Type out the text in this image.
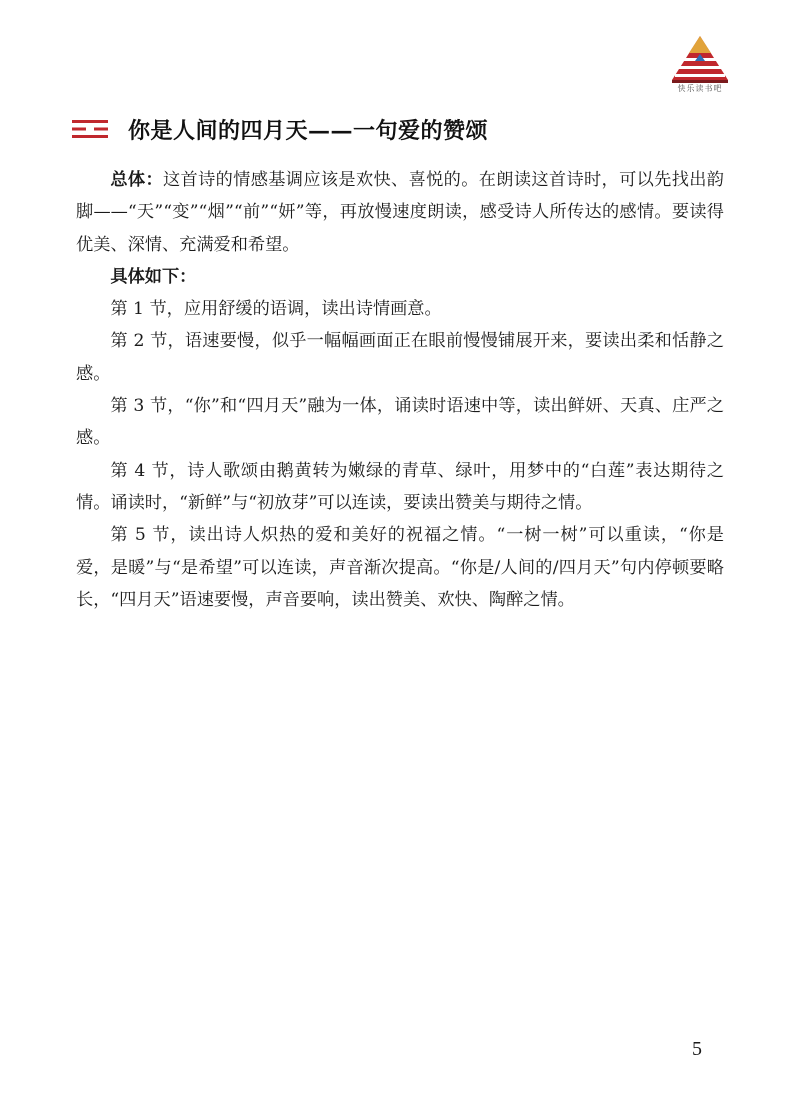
快乐读书吧
你是人间的四月天——一句爱的赞颂

总体：这首诗的情感基调应该是欢快、喜悦的。在朗读这首诗时，可以先找出韵脚——“天”“变”“烟”“前”“妍”等，再放慢速度朗读，感受诗人所传达的感情。要读得优美、深情、充满爱和希望。

具体如下：

第 1 节，应用舒缓的语调，读出诗情画意。

第 2 节，语速要慢，似乎一幅幅画面正在眼前慢慢铺展开来，要读出柔和恬静之感。

第 3 节，“你”和“四月天”融为一体，诵读时语速中等，读出鲜妍、天真、庄严之感。

第 4 节，诗人歌颂由鹅黄转为嫩绿的青草、绿叶，用梦中的“白莲”表达期待之情。诵读时，“新鲜”与“初放芽”可以连读，要读出赞美与期待之情。

第 5 节，读出诗人炽热的爱和美好的祝福之情。“一树一树”可以重读，“你是爱，是暖”与“是希望”可以连读，声音渐次提高。“你是/人间的/四月天”句内停顿要略长，“四月天”语速要慢，声音要响，读出赞美、欢快、陶醉之情。

5
